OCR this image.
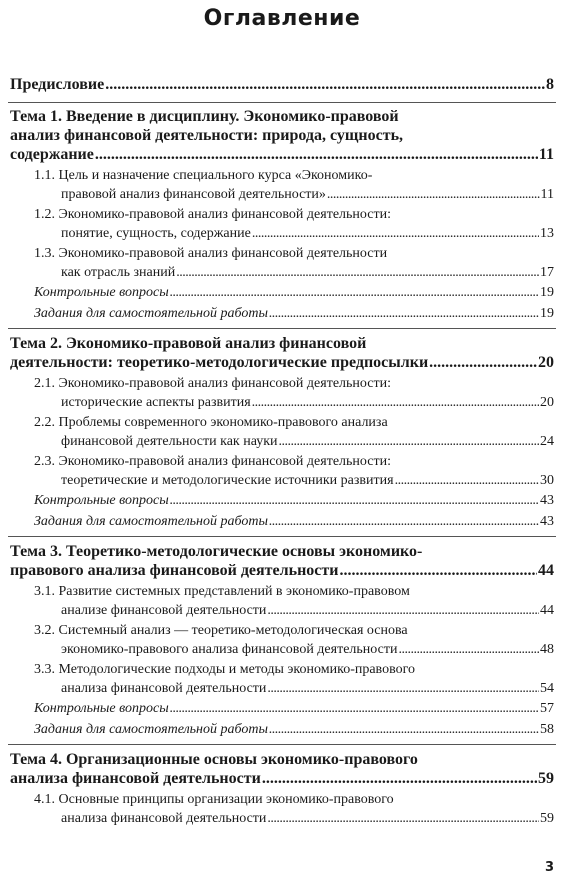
Оглавление
Предисловие . . .	8
Тема 1. Введение в дисциплину. Экономико-правовой
анализ финансовой деятельности: природа, сущность,
содержание . . .	11
1.1. Цель и назначение специального курса «Экономико-
правовой анализ финансовой деятельности» . . .	11
1.2. Экономико-правовой анализ финансовой деятельности:
понятие, сущность, содержание . . .	13
1.3. Экономико-правовой анализ финансовой деятельности
как отрасль знаний . . .	17
Контрольные вопросы . . .	19
Задания для самостоятельной работы . . .	19
Тема 2. Экономико-правовой анализ финансовой
деятельности: теоретико-методологические предпосылки . . .	20
2.1. Экономико-правовой анализ финансовой деятельности:
исторические аспекты развития . . .	20
2.2. Проблемы современного экономико-правового анализа
финансовой деятельности как науки . . .	24
2.3. Экономико-правовой анализ финансовой деятельности:
теоретические и методологические источники развития . . .	30
Контрольные вопросы . . .	43
Задания для самостоятельной работы . . .	43
Тема 3. Теоретико-методологические основы экономико-
правового анализа финансовой деятельности . . .	44
3.1. Развитие системных представлений в экономико-правовом
анализе финансовой деятельности . . .	44
3.2. Системный анализ — теоретико-методологическая основа
экономико-правового анализа финансовой деятельности . . .	48
3.3. Методологические подходы и методы экономико-правового
анализа финансовой деятельности . . .	54
Контрольные вопросы . . .	57
Задания для самостоятельной работы . . .	58
Тема 4. Организационные основы экономико-правового
анализа финансовой деятельности . . .	59
4.1. Основные принципы организации экономико-правового
анализа финансовой деятельности . . .	59
3
